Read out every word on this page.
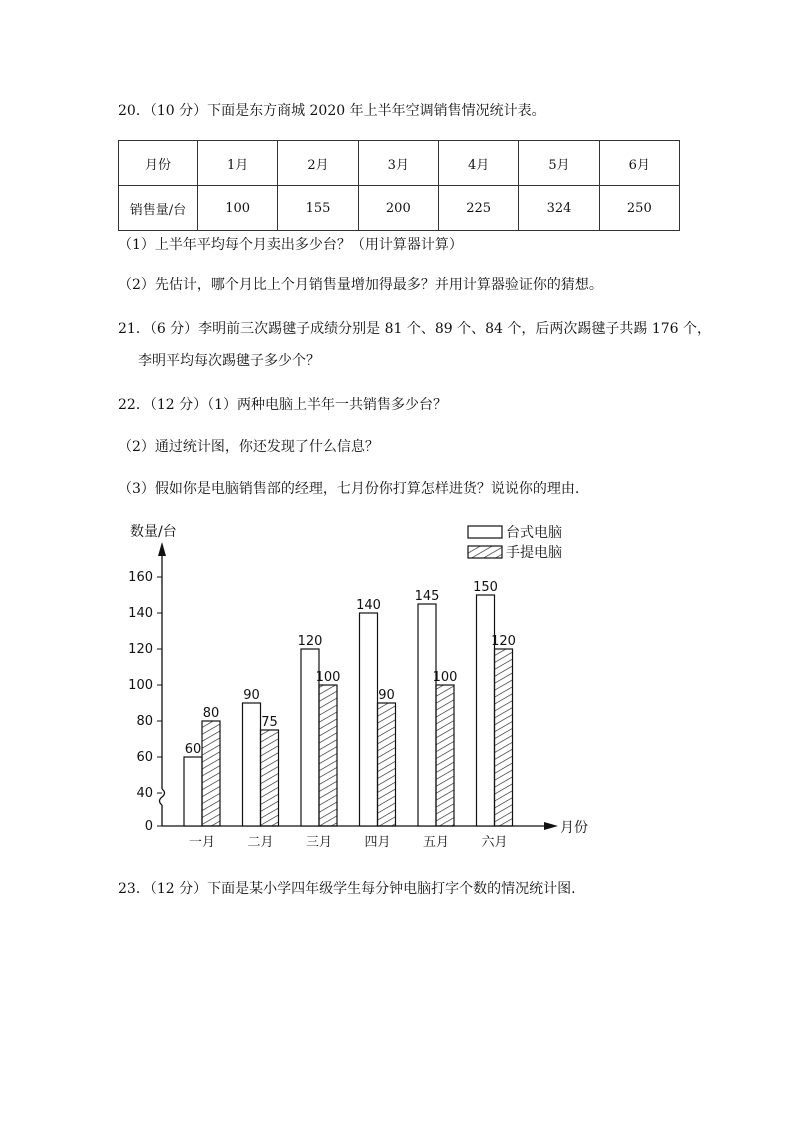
20．（10 分）下面是东方商城 2020 年上半年空调销售情况统计表。
月份	1月	2月	3月	4月	5月	6月
销售量/台	100	155	200	225	324	250
（1）上半年平均每个月卖出多少台？（用计算器计算）
（2）先估计，哪个月比上个月销售量增加得最多？并用计算器验证你的猜想。
21．（6 分）李明前三次踢毽子成绩分别是 81 个、89 个、84 个，后两次踢毽子共踢 176 个，
李明平均每次踢毽子多少个？
22．（12 分）（1）两种电脑上半年一共销售多少台？
（2）通过统计图，你还发现了什么信息？
（3）假如你是电脑销售部的经理，七月份你打算怎样进货？说说你的理由.
数量/台
0
40
60
80
100
120
140
160
月份
60
80
一月
90
75
二月
120
100
三月
140
90
四月
145
100
五月
150
120
六月
台式电脑
手提电脑
23．（12 分）下面是某小学四年级学生每分钟电脑打字个数的情况统计图.
